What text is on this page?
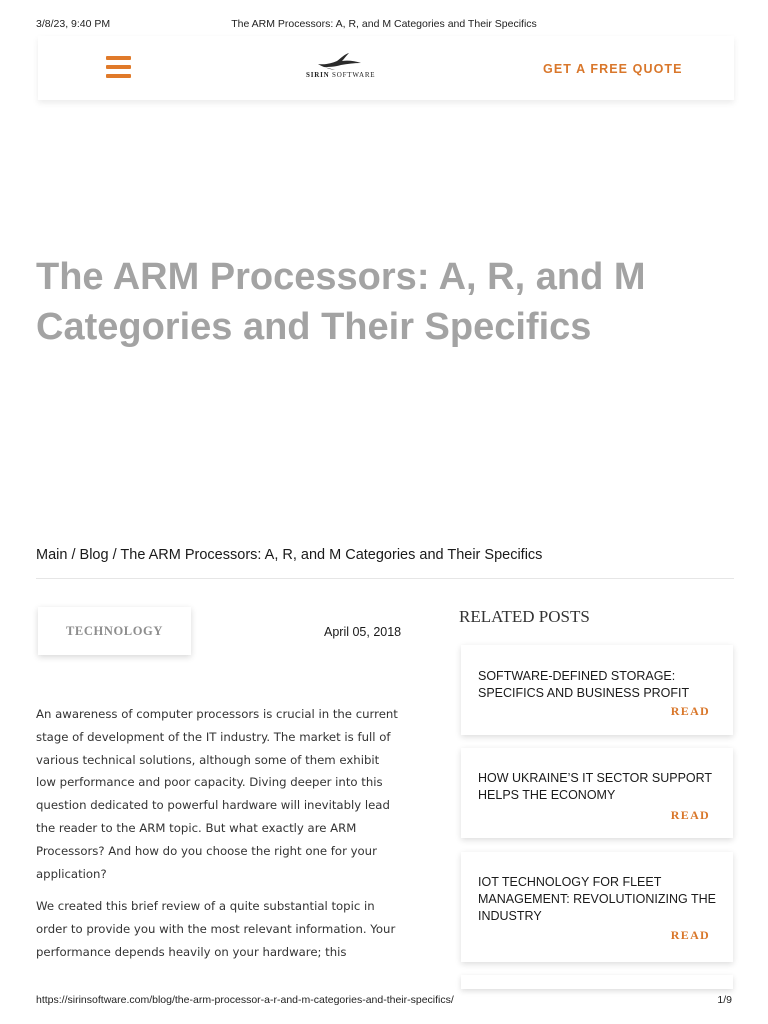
3/8/23, 9:40 PM	The ARM Processors: A, R, and M Categories and Their Specifics
SIRIN SOFTWARE	GET A FREE QUOTE
The ARM Processors: A, R, and M Categories and Their Specifics
Main / Blog / The ARM Processors: A, R, and M Categories and Their Specifics
TECHNOLOGY	April 05, 2018

An awareness of computer processors is crucial in the current stage of development of the IT industry. The market is full of various technical solutions, although some of them exhibit low performance and poor capacity. Diving deeper into this question dedicated to powerful hardware will inevitably lead the reader to the ARM topic. But what exactly are ARM Processors? And how do you choose the right one for your application?

We created this brief review of a quite substantial topic in order to provide you with the most relevant information. Your performance depends heavily on your hardware; this

RELATED POSTS
SOFTWARE-DEFINED STORAGE: SPECIFICS AND BUSINESS PROFIT
READ
HOW UKRAINE’S IT SECTOR SUPPORT HELPS THE ECONOMY
READ
IOT TECHNOLOGY FOR FLEET MANAGEMENT: REVOLUTIONIZING THE INDUSTRY
READ
https://sirinsoftware.com/blog/the-arm-processor-a-r-and-m-categories-and-their-specifics/	1/9
